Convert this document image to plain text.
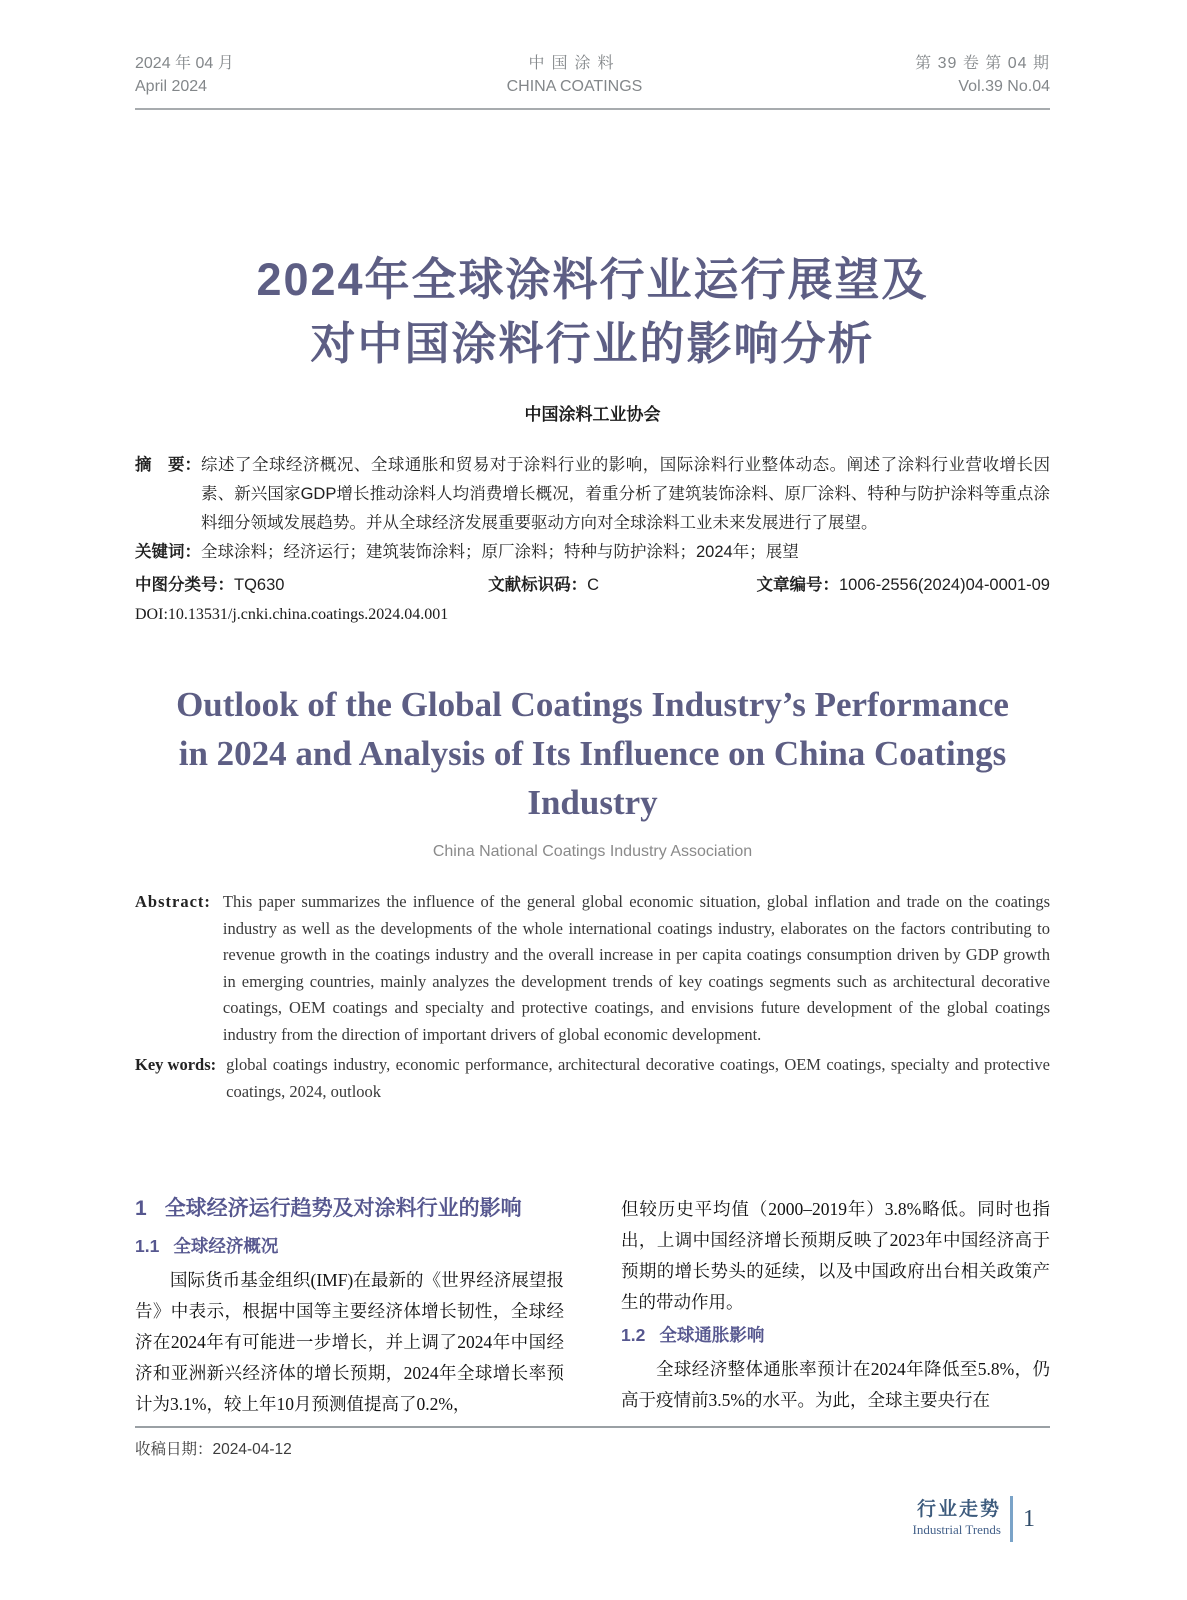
2024 年 04 月
April 2024
中国涂料
CHINA COATINGS
第 39 卷 第 04 期
Vol.39 No.04
2024年全球涂料行业运行展望及
对中国涂料行业的影响分析
中国涂料工业协会
摘　要： 综述了全球经济概况、全球通胀和贸易对于涂料行业的影响，国际涂料行业整体动态。阐述了涂料行业营收增长因素、新兴国家GDP增长推动涂料人均消费增长概况，着重分析了建筑装饰涂料、原厂涂料、特种与防护涂料等重点涂料细分领域发展趋势。并从全球经济发展重要驱动方向对全球涂料工业未来发展进行了展望。
关键词： 全球涂料；经济运行；建筑装饰涂料；原厂涂料；特种与防护涂料；2024年；展望
中图分类号：TQ630	文献标识码：C	文章编号：1006-2556(2024)04-0001-09
DOI:10.13531/j.cnki.china.coatings.2024.04.001
Outlook of the Global Coatings Industry’s Performance
in 2024 and Analysis of Its Influence on China Coatings
Industry
China National Coatings Industry Association
Abstract: This paper summarizes the influence of the general global economic situation, global inflation and trade on the coatings industry as well as the developments of the whole international coatings industry, elaborates on the factors contributing to revenue growth in the coatings industry and the overall increase in per capita coatings consumption driven by GDP growth in emerging countries, mainly analyzes the development trends of key coatings segments such as architectural decorative coatings, OEM coatings and specialty and protective coatings, and envisions future development of the global coatings industry from the direction of important drivers of global economic development.
Key words: global coatings industry, economic performance, architectural decorative coatings, OEM coatings, specialty and protective coatings, 2024, outlook
1 全球经济运行趋势及对涂料行业的影响
1.1 全球经济概况

国际货币基金组织(IMF)在最新的《世界经济展望报告》中表示，根据中国等主要经济体增长韧性，全球经济在2024年有可能进一步增长，并上调了2024年中国经济和亚洲新兴经济体的增长预期，2024年全球增长率预计为3.1%，较上年10月预测值提高了0.2%，

但较历史平均值（2000–2019年）3.8%略低。同时也指出，上调中国经济增长预期反映了2023年中国经济高于预期的增长势头的延续，以及中国政府出台相关政策产生的带动作用。

1.2 全球通胀影响

全球经济整体通胀率预计在2024年降低至5.8%，仍高于疫情前3.5%的水平。为此，全球主要央行在

收稿日期：2024-04-12
行业走势
Industrial Trends 1
